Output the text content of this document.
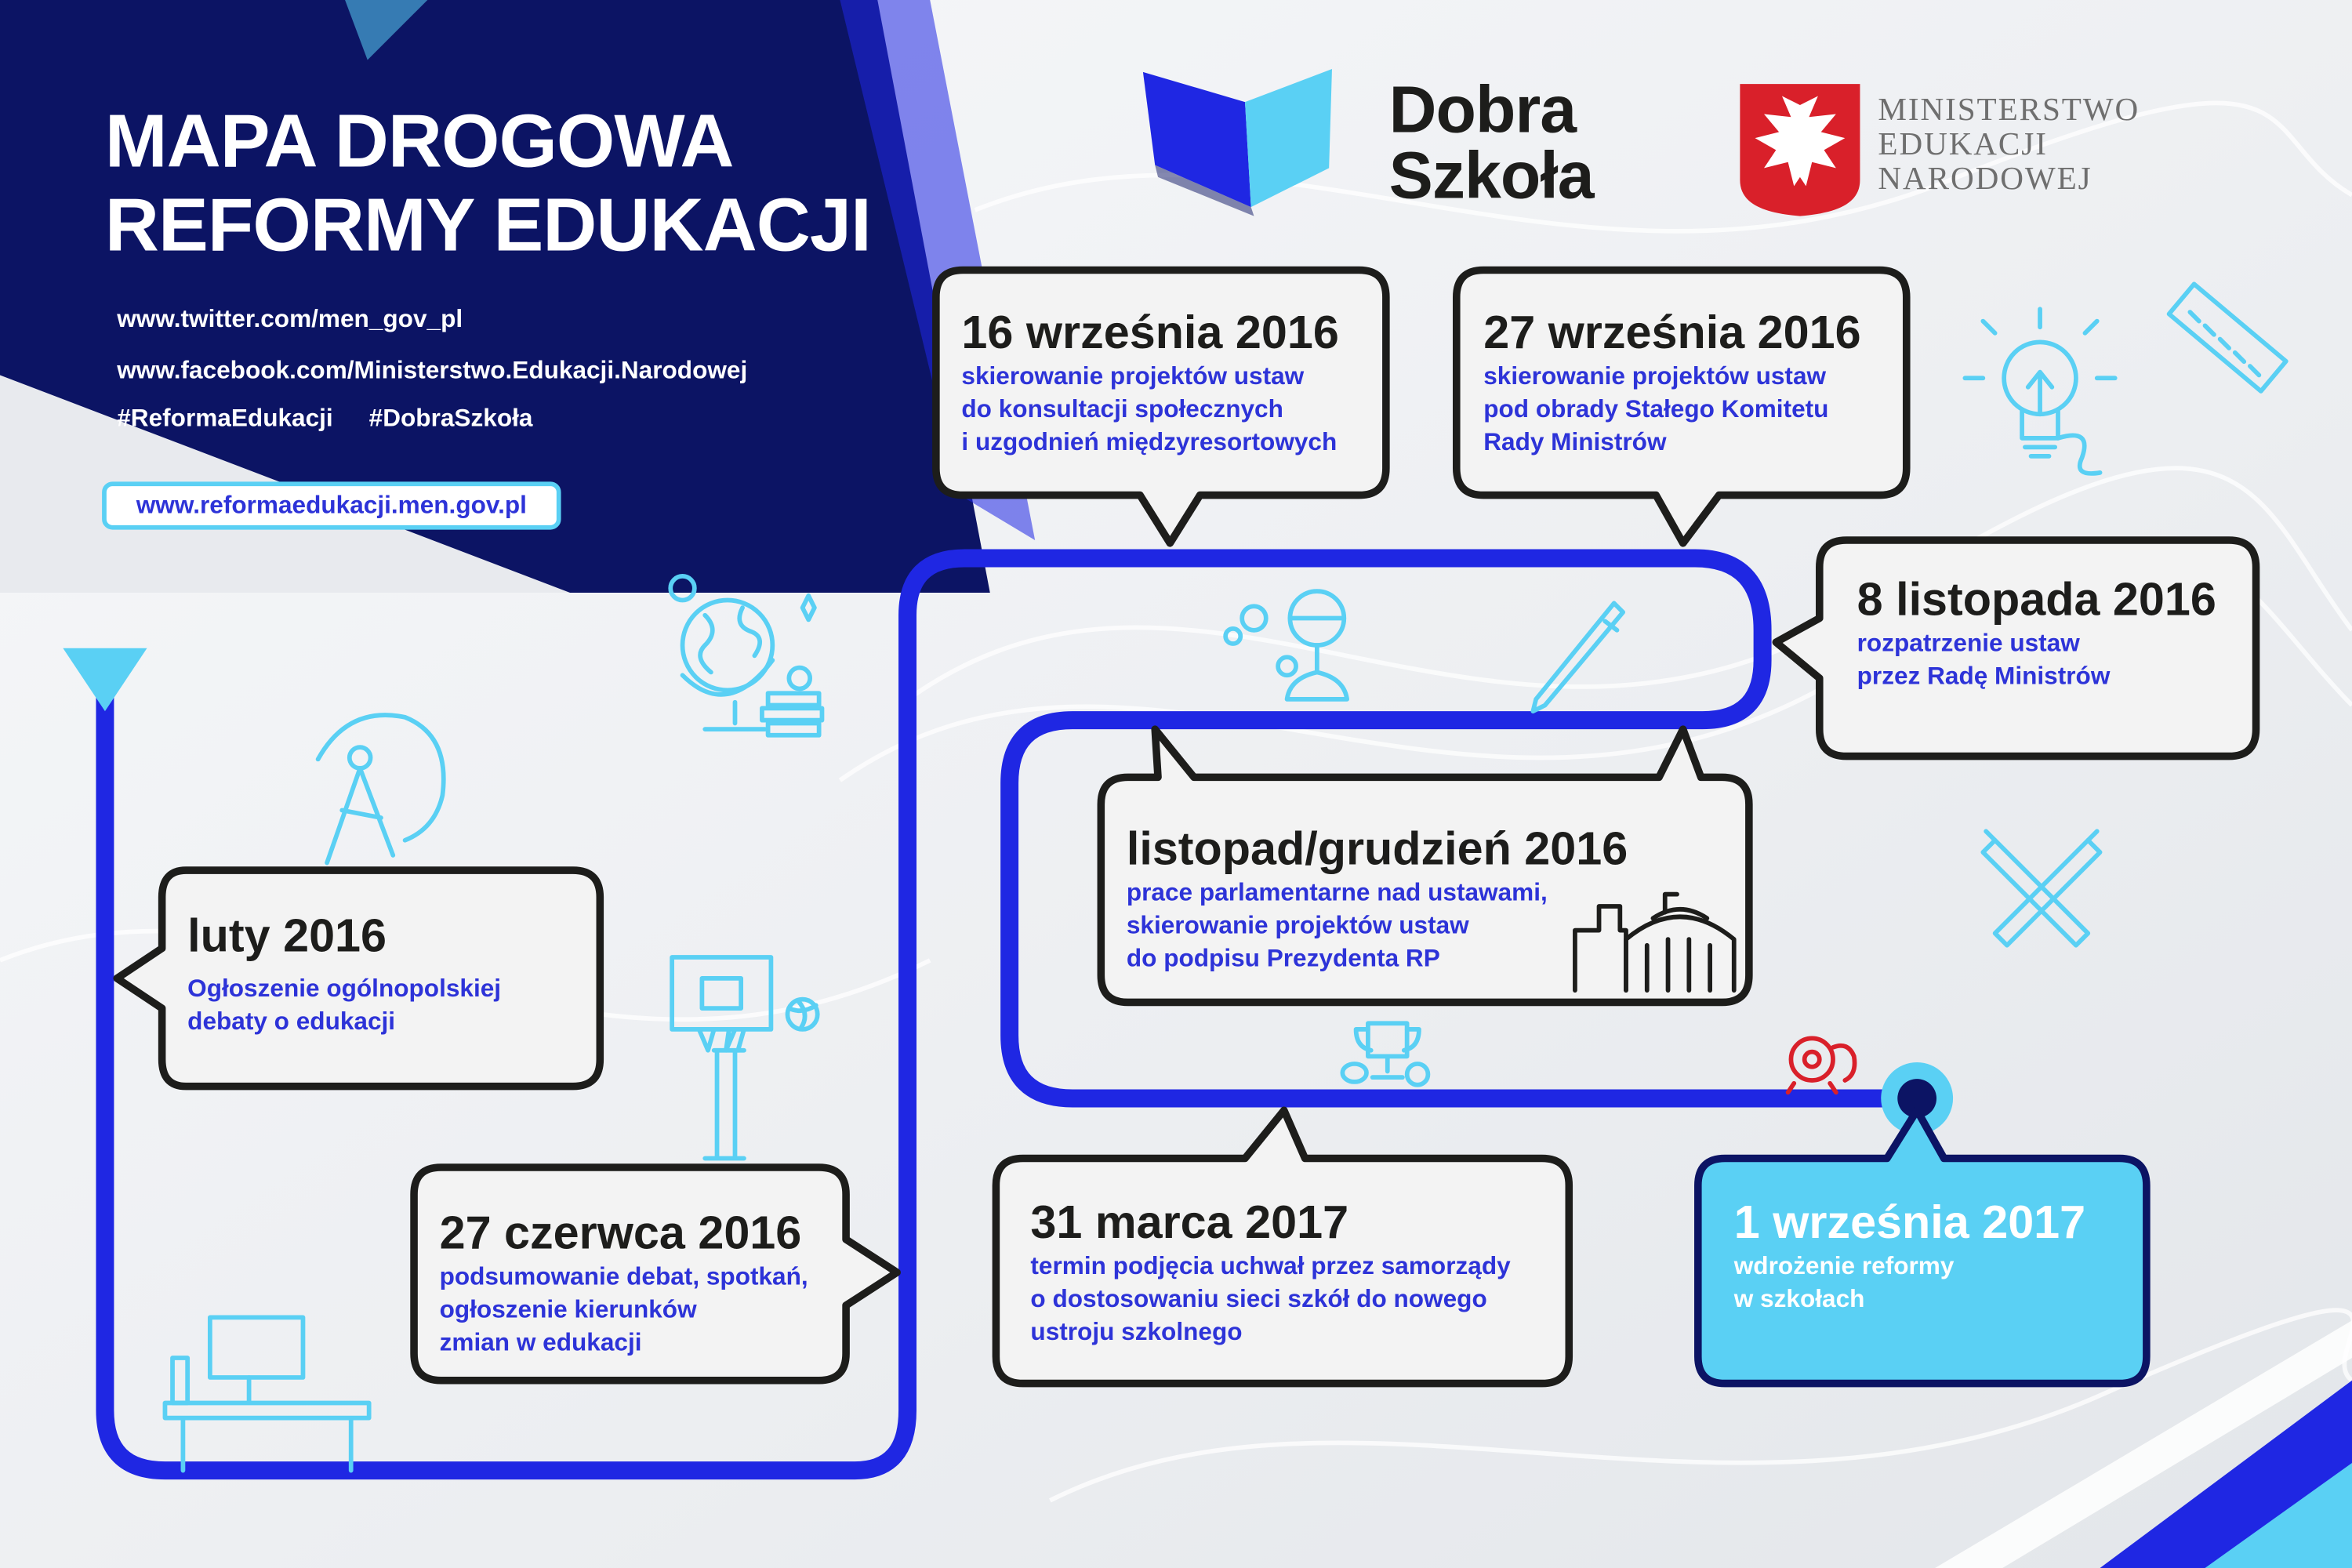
MAPA DROGOWA
REFORMY EDUKACJI
www.twitter.com/men_gov_pl
www.facebook.com/Ministerstwo.Edukacji.Narodowej
#ReformaEdukacji	#DobraSzkoła
www.reformaedukacji.men.gov.pl
Dobra
Szkoła
MINISTERSTWO
EDUKACJI
NARODOWEJ
luty 2016
Ogłoszenie ogólnopolskiej
debaty o edukacji
27 czerwca 2016
podsumowanie debat, spotkań,
ogłoszenie kierunków
zmian w edukacji
16 września 2016
skierowanie projektów ustaw
do konsultacji społecznych
i uzgodnień międzyresortowych
27 września 2016
skierowanie projektów ustaw
pod obrady Stałego Komitetu
Rady Ministrów
8 listopada 2016
rozpatrzenie ustaw
przez Radę Ministrów
listopad/grudzień 2016
prace parlamentarne nad ustawami,
skierowanie projektów ustaw
do podpisu Prezydenta RP
31 marca 2017
termin podjęcia uchwał przez samorządy
o dostosowaniu sieci szkół do nowego
ustroju szkolnego
1 września 2017
wdrożenie reformy
w szkołach
